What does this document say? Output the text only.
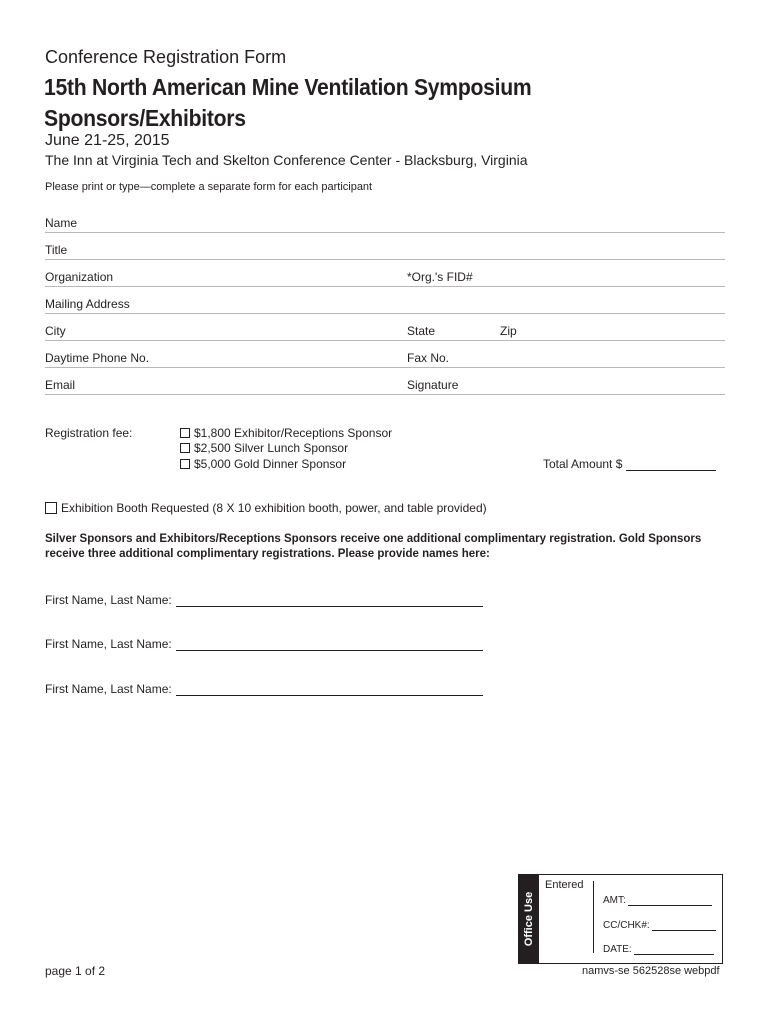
Conference Registration Form
15th North American Mine Ventilation Symposium
Sponsors/Exhibitors
June 21-25, 2015
The Inn at Virginia Tech and Skelton Conference Center - Blacksburg, Virginia
Please print or type—complete a separate form for each participant
Name
Title
Organization	*Org.'s FID#
Mailing Address
City	State	Zip
Daytime Phone No.	Fax No.
Email	Signature
Registration fee:	$1,800 Exhibitor/Receptions Sponsor
$2,500 Silver Lunch Sponsor
$5,000 Gold Dinner Sponsor	Total Amount $
Exhibition Booth Requested (8 X 10 exhibition booth, power, and table provided)
Silver Sponsors and Exhibitors/Receptions Sponsors receive one additional complimentary registration. Gold Sponsors receive three additional complimentary registrations. Please provide names here:
First Name, Last Name:
First Name, Last Name:
First Name, Last Name:
Office Use
Entered
AMT:
CC/CHK#:
DATE:
page 1 of 2	namvs-se 562528se webpdf
